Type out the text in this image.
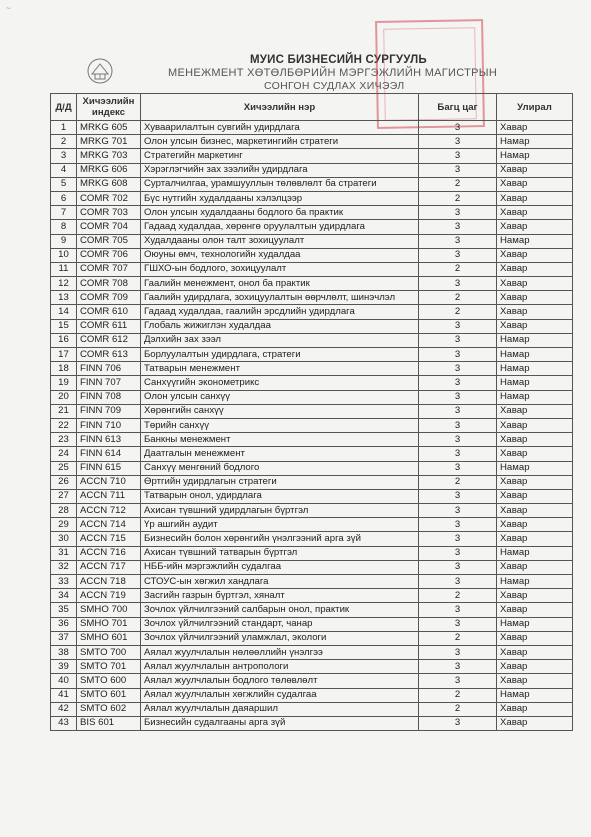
~
МУИС БИЗНЕСИЙН СУРГУУЛЬ
МЕНЕЖМЕНТ ХӨТӨЛБӨРИЙН МЭРГЭЖЛИЙН МАГИСТРЫН
СОНГОН СУДЛАХ ХИЧЭЭЛ
Д/Д	Хичээлийн индекс	Хичээлийн нэр	Багц цаг	Улирал
1	MRKG 605	Хуваарилалтын сувгийн удирдлага	3	Хавар
2	MRKG 701	Олон улсын бизнес, маркетингийн стратеги	3	Намар
3	MRKG 703	Стратегийн маркетинг	3	Намар
4	MRKG 606	Хэрэглэгчийн зах зээлийн удирдлага	3	Хавар
5	MRKG 608	Сурталчилгаа, урамшууллын төлөвлөлт ба стратеги	2	Хавар
6	COMR 702	Бүс нутгийн худалдааны хэлэлцээр	2	Хавар
7	COMR 703	Олон улсын худалдааны бодлого ба практик	3	Хавар
8	COMR 704	Гадаад худалдаа, хөрөнгө оруулалтын удирдлага	3	Хавар
9	COMR 705	Худалдааны олон талт зохицуулалт	3	Намар
10	COMR 706	Оюуны өмч, технологийн худалдаа	3	Хавар
11	COMR 707	ГШХО-ын бодлого, зохицуулалт	2	Хавар
12	COMR 708	Гаалийн менежмент, онол ба практик	3	Хавар
13	COMR 709	Гаалийн удирдлага, зохицуулалтын өөрчлөлт, шинэчлэл	2	Хавар
14	COMR 610	Гадаад худалдаа, гаалийн эрсдлийн удирдлага	2	Хавар
15	COMR 611	Глобаль жижиглэн худалдаа	3	Хавар
16	COMR 612	Дэлхийн зах зээл	3	Намар
17	COMR 613	Борлуулалтын удирдлага, стратеги	3	Намар
18	FINN 706	Татварын менежмент	3	Намар
19	FINN 707	Санхүүгийн эконометрикс	3	Намар
20	FINN 708	Олон улсын санхүү	3	Намар
21	FINN 709	Хөрөнгийн санхүү	3	Хавар
22	FINN 710	Төрийн санхүү	3	Хавар
23	FINN 613	Банкны менежмент	3	Хавар
24	FINN 614	Даатгалын менежмент	3	Хавар
25	FINN 615	Санхүү менгөний бодлого	3	Намар
26	ACCN 710	Өртгийн удирдлагын стратеги	2	Хавар
27	ACCN 711	Татварын онол, удирдлага	3	Хавар
28	ACCN 712	Ахисан түвшний удирдлагын бүртгэл	3	Хавар
29	ACCN 714	Үр ашгийн аудит	3	Хавар
30	ACCN 715	Бизнесийн болон хөрөнгийн үнэлгээний арга зүй	3	Хавар
31	ACCN 716	Ахисан түвшний татварын бүртгэл	3	Намар
32	ACCN 717	НББ-ийн мэргэжлийн судалгаа	3	Хавар
33	ACCN 718	СТОУС-ын хөгжил хандлага	3	Намар
34	ACCN 719	Засгийн газрын бүртгэл, хяналт	2	Хавар
35	SMHO 700	Зочлох үйлчилгээний салбарын онол, практик	3	Хавар
36	SMHO 701	Зочлох үйлчилгээний стандарт, чанар	3	Намар
37	SMHO 601	Зочлох үйлчилгээний уламжлал, экологи	2	Хавар
38	SMTO 700	Аялал жуулчлалын нөлөөллийн үнэлгээ	3	Хавар
39	SMTO 701	Аялал жуулчлалын антропологи	3	Хавар
40	SMTO 600	Аялал жуулчлалын бодлого төлөвлөлт	3	Хавар
41	SMTO 601	Аялал жуулчлалын хөгжлийн судалгаа	2	Намар
42	SMTO 602	Аялал жуулчлалын даяаршил	2	Хавар
43	BIS 601	Бизнесийн судалгааны арга зүй	3	Хавар
